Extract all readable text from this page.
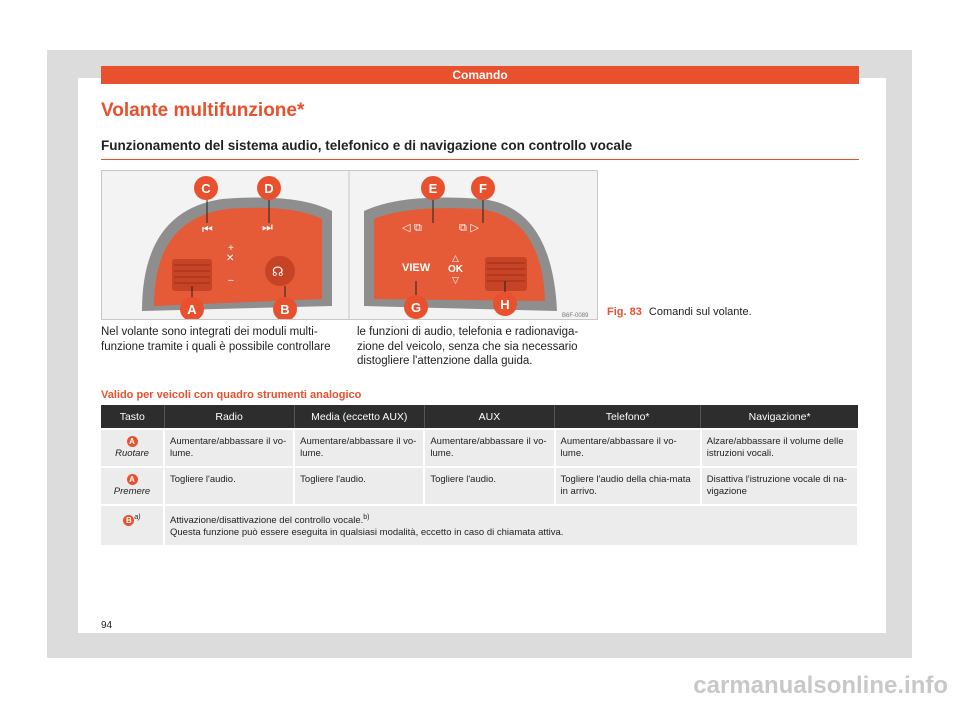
Comando
Volante multifunzione*
Funzionamento del sistema audio, telefonico e di navigazione con controllo vocale
⏮	⏭
✕
+
–
☊
C	D
A	B
◁ ⧉	⧉ ▷
VIEW
△
OK
▽
B6F-0089
E	F
G	H	Fig. 83 Comandi sul volante.
Nel volante sono integrati dei moduli multi-funzione tramite i quali è possibile controllare
le funzioni di audio, telefonia e radionaviga-zione del veicolo, senza che sia necessario distogliere l'attenzione dalla guida.
Valido per veicoli con quadro strumenti analogico
Tasto	Radio	Media (eccetto AUX)	AUX	Telefono*	Navigazione*
A
Ruotare	Aumentare/abbassare il vo-lume.	Aumentare/abbassare il vo-lume.	Aumentare/abbassare il vo-lume.	Aumentare/abbassare il vo-lume.	Alzare/abbassare il volume delle istruzioni vocali.
A
Premere	Togliere l'audio.	Togliere l'audio.	Togliere l'audio.	Togliere l'audio della chia-mata in arrivo.	Disattiva l'istruzione vocale di na-vigazione
B $^{a)}$	Attivazione/disattivazione del controllo vocale.$^{b)}$
Questa funzione può essere eseguita in qualsiasi modalità, eccetto in caso di chiamata attiva.				
94
carmanualsonline.info
